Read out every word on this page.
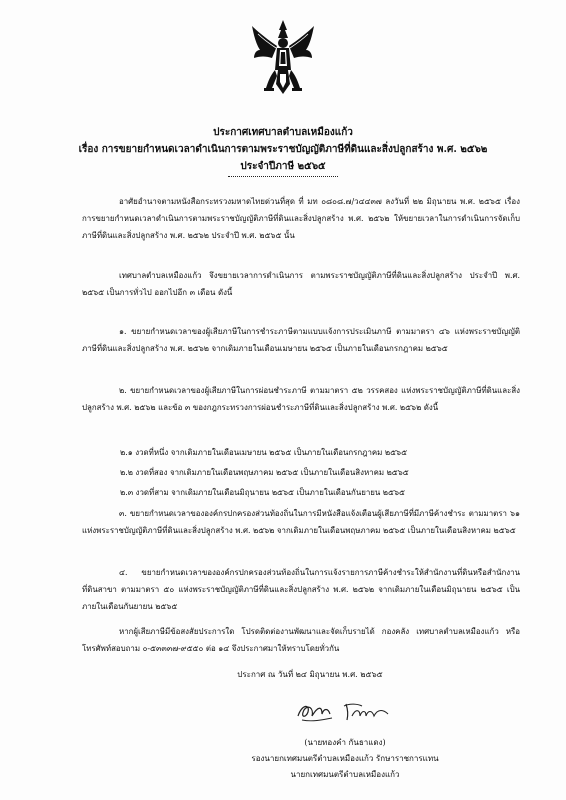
ประกาศเทศบาลตำบลเหมืองแก้ว
เรื่อง การขยายกำหนดเวลาดำเนินการตามพระราชบัญญัติภาษีที่ดินและสิ่งปลูกสร้าง พ.ศ. ๒๕๖๒
ประจำปีภาษี ๒๕๖๕
อาศัยอำนาจตามหนังสือกระทรวงมหาดไทยด่วนที่สุด ที่ มท ๐๘๐๘.๗/ว๔๔๓๗ ลงวันที่ ๒๒ มิถุนายน พ.ศ. ๒๕๖๕ เรื่องการขยายกำหนดเวลาดำเนินการตามพระราชบัญญัติภาษีที่ดินและสิ่งปลูกสร้าง พ.ศ. ๒๕๖๒ ให้ขยายเวลาในการดำเนินการจัดเก็บภาษีที่ดินและสิ่งปลูกสร้าง พ.ศ. ๒๕๖๒ ประจำปี พ.ศ. ๒๕๖๕ นั้น
เทศบาลตำบลเหมืองแก้ว จึงขยายเวลาการดำเนินการ ตามพระราชบัญญัติภาษีที่ดินและสิ่งปลูกสร้าง ประจำปี พ.ศ. ๒๕๖๕ เป็นการทั่วไป ออกไปอีก ๓ เดือน ดังนี้
๑. ขยายกำหนดเวลาของผู้เสียภาษีในการชำระภาษีตามแบบแจ้งการประเมินภาษี ตามมาตรา ๔๖ แห่งพระราชบัญญัติภาษีที่ดินและสิ่งปลูกสร้าง พ.ศ. ๒๕๖๒ จากเดิมภายในเดือนเมษายน ๒๕๖๕ เป็นภายในเดือนกรกฎาคม ๒๕๖๕
๒. ขยายกำหนดเวลาของผู้เสียภาษีในการผ่อนชำระภาษี ตามมาตรา ๕๒ วรรคสอง แห่งพระราชบัญญัติภาษีที่ดินและสิ่งปลูกสร้าง พ.ศ. ๒๕๖๒ และข้อ ๓ ของกฎกระทรวงการผ่อนชำระภาษีที่ดินและสิ่งปลูกสร้าง พ.ศ. ๒๕๖๒ ดังนี้
๒.๑ งวดที่หนึ่ง จากเดิมภายในเดือนเมษายน ๒๕๖๕ เป็นภายในเดือนกรกฎาคม ๒๕๖๕
๒.๒ งวดที่สอง จากเดิมภายในเดือนพฤษภาคม ๒๕๖๕ เป็นภายในเดือนสิงหาคม ๒๕๖๕
๒.๓ งวดที่สาม จากเดิมภายในเดือนมิถุนายน ๒๕๖๕ เป็นภายในเดือนกันยายน ๒๕๖๕
๓. ขยายกำหนดเวลาขององค์กรปกครองส่วนท้องถิ่นในการมีหนังสือแจ้งเตือนผู้เสียภาษีที่มีภาษีค้างชำระ ตามมาตรา ๖๑ แห่งพระราชบัญญัติภาษีที่ดินและสิ่งปลูกสร้าง พ.ศ. ๒๕๖๒ จากเดิมภายในเดือนพฤษภาคม ๒๕๖๕ เป็นภายในเดือนสิงหาคม ๒๕๖๕
๔. ขยายกำหนดเวลาขององค์กรปกครองส่วนท้องถิ่นในการแจ้งรายการภาษีค้างชำระให้สำนักงานที่ดินหรือสำนักงานที่ดินสาขา ตามมาตรา ๕๐ แห่งพระราชบัญญัติภาษีที่ดินและสิ่งปลูกสร้าง พ.ศ. ๒๕๖๒ จากเดิมภายในเดือนมิถุนายน ๒๕๖๕ เป็นภายในเดือนกันยายน ๒๕๖๕
หากผู้เสียภาษีมีข้อสงสัยประการใด โปรดติดต่องานพัฒนาและจัดเก็บรายได้ กองคลัง เทศบาลตำบลเหมืองแก้ว หรือโทรศัพท์สอบถาม ๐-๕๓๓๓๗-๙๕๕๐ ต่อ ๑๔ จึงประกาศมาให้ทราบโดยทั่วกัน
ประกาศ ณ วันที่ ๒๔ มิถุนายน พ.ศ. ๒๕๖๕
(นายทองคำ กันธาแดง)
รองนายกเทศมนตรีตำบลเหมืองแก้ว รักษาราชการแทน
นายกเทศมนตรีตำบลเหมืองแก้ว
